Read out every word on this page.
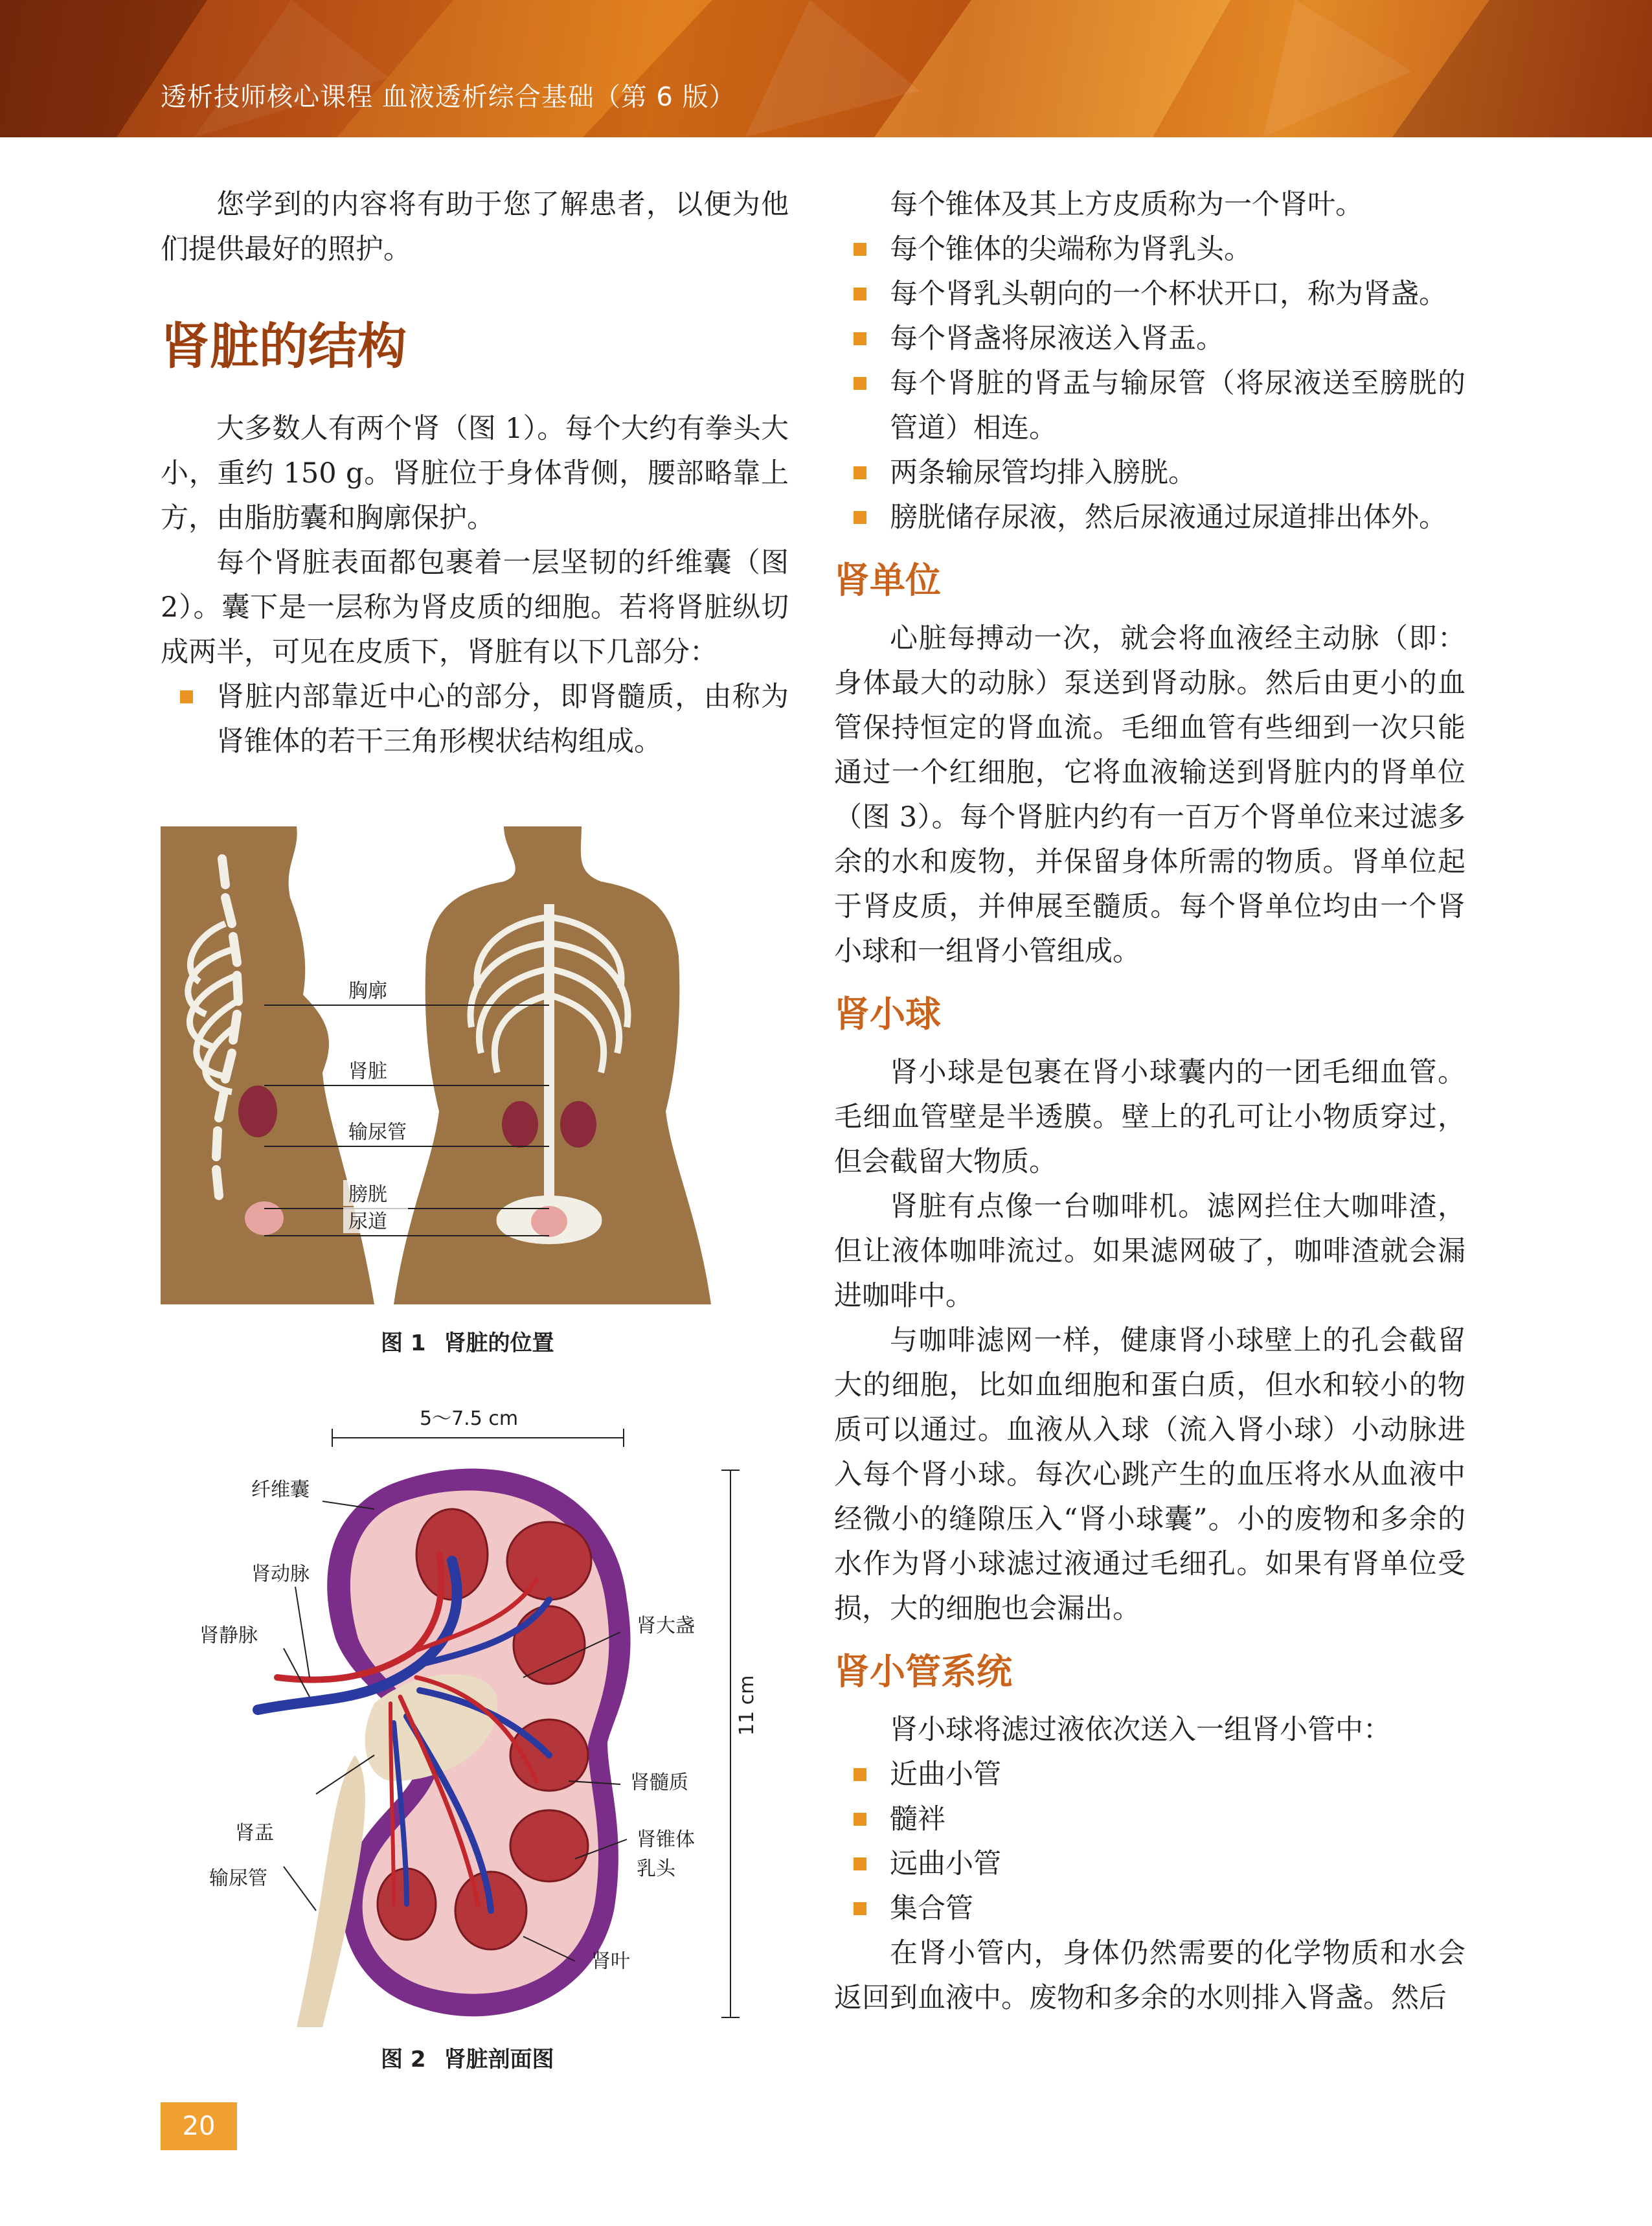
透析技师核心课程 血液透析综合基础（第 6 版）

您学到的内容将有助于您了解患者，以便为他们提供最好的照护。

肾脏的结构

大多数人有两个肾（图 1）。每个大约有拳头大小，重约 150 g。肾脏位于身体背侧，腰部略靠上方，由脂肪囊和胸廓保护。

每个肾脏表面都包裹着一层坚韧的纤维囊（图 2）。囊下是一层称为肾皮质的细胞。若将肾脏纵切成两半，可见在皮质下，肾脏有以下几部分：

肾脏内部靠近中心的部分，即肾髓质，由称为肾锥体的若干三角形楔状结构组成。
胸廓
肾脏
输尿管
膀胱
尿道
图 1 肾脏的位置
5～7.5 cm
11 cm
纤维囊
肾动脉
肾静脉
肾盂
输尿管
肾大盏
肾髓质
肾锥体
乳头
肾叶
图 2 肾脏剖面图
每个锥体及其上方皮质称为一个肾叶。
每个锥体的尖端称为肾乳头。
每个肾乳头朝向的一个杯状开口，称为肾盏。
每个肾盏将尿液送入肾盂。
每个肾脏的肾盂与输尿管（将尿液送至膀胱的管道）相连。
两条输尿管均排入膀胱。
膀胱储存尿液，然后尿液通过尿道排出体外。
肾单位

心脏每搏动一次，就会将血液经主动脉（即：身体最大的动脉）泵送到肾动脉。然后由更小的血管保持恒定的肾血流。毛细血管有些细到一次只能通过一个红细胞，它将血液输送到肾脏内的肾单位（图 3）。每个肾脏内约有一百万个肾单位来过滤多余的水和废物，并保留身体所需的物质。肾单位起于肾皮质，并伸展至髓质。每个肾单位均由一个肾小球和一组肾小管组成。

肾小球

肾小球是包裹在肾小球囊内的一团毛细血管。毛细血管壁是半透膜。壁上的孔可让小物质穿过，但会截留大物质。

肾脏有点像一台咖啡机。滤网拦住大咖啡渣，但让液体咖啡流过。如果滤网破了，咖啡渣就会漏进咖啡中。

与咖啡滤网一样，健康肾小球壁上的孔会截留大的细胞，比如血细胞和蛋白质，但水和较小的物质可以通过。血液从入球（流入肾小球）小动脉进入每个肾小球。每次心跳产生的血压将水从血液中经微小的缝隙压入“肾小球囊”。小的废物和多余的水作为肾小球滤过液通过毛细孔。如果有肾单位受损，大的细胞也会漏出。

肾小管系统

肾小球将滤过液依次送入一组肾小管中：

近曲小管
髓袢
远曲小管
集合管

在肾小管内，身体仍然需要的化学物质和水会返回到血液中。废物和多余的水则排入肾盏。然后

20
